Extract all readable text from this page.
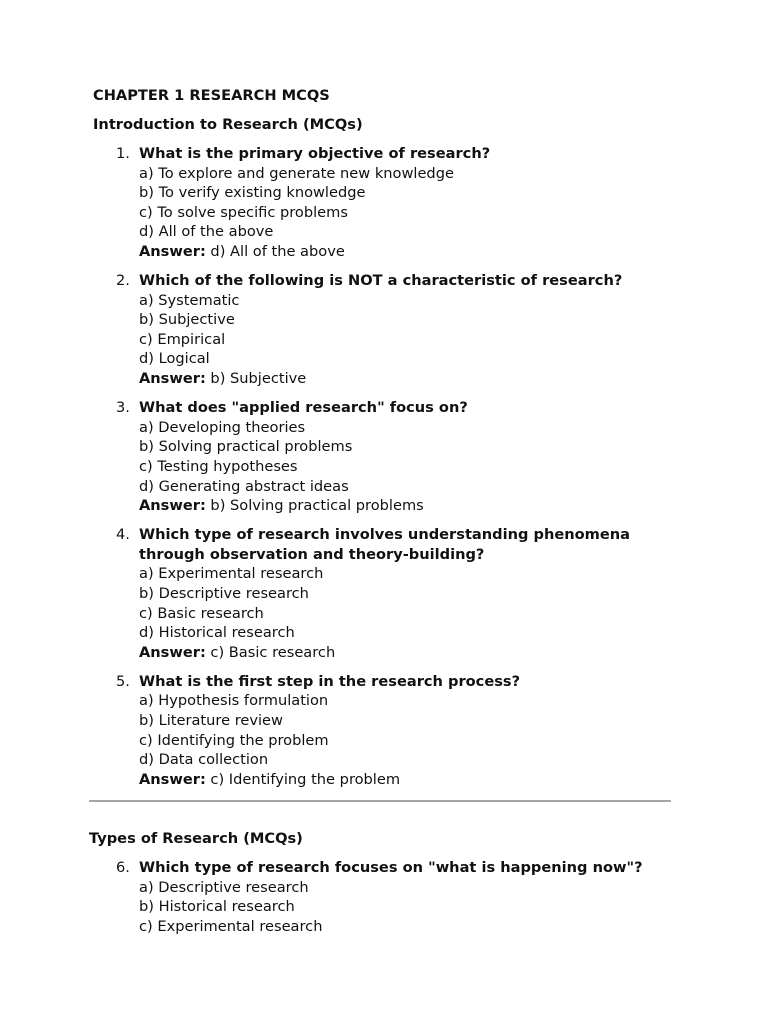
CHAPTER 1 RESEARCH MCQS
Introduction to Research (MCQs)
1. What is the primary objective of research?
a) To explore and generate new knowledge
b) To verify existing knowledge
c) To solve specific problems
d) All of the above
Answer: d) All of the above
2. Which of the following is NOT a characteristic of research?
a) Systematic
b) Subjective
c) Empirical
d) Logical
Answer: b) Subjective
3. What does "applied research" focus on?
a) Developing theories
b) Solving practical problems
c) Testing hypotheses
d) Generating abstract ideas
Answer: b) Solving practical problems
4. Which type of research involves understanding phenomena through observation and theory-building?
a) Experimental research
b) Descriptive research
c) Basic research
d) Historical research
Answer: c) Basic research
5. What is the first step in the research process?
a) Hypothesis formulation
b) Literature review
c) Identifying the problem
d) Data collection
Answer: c) Identifying the problem
Types of Research (MCQs)
6. Which type of research focuses on "what is happening now"?
a) Descriptive research
b) Historical research
c) Experimental research
